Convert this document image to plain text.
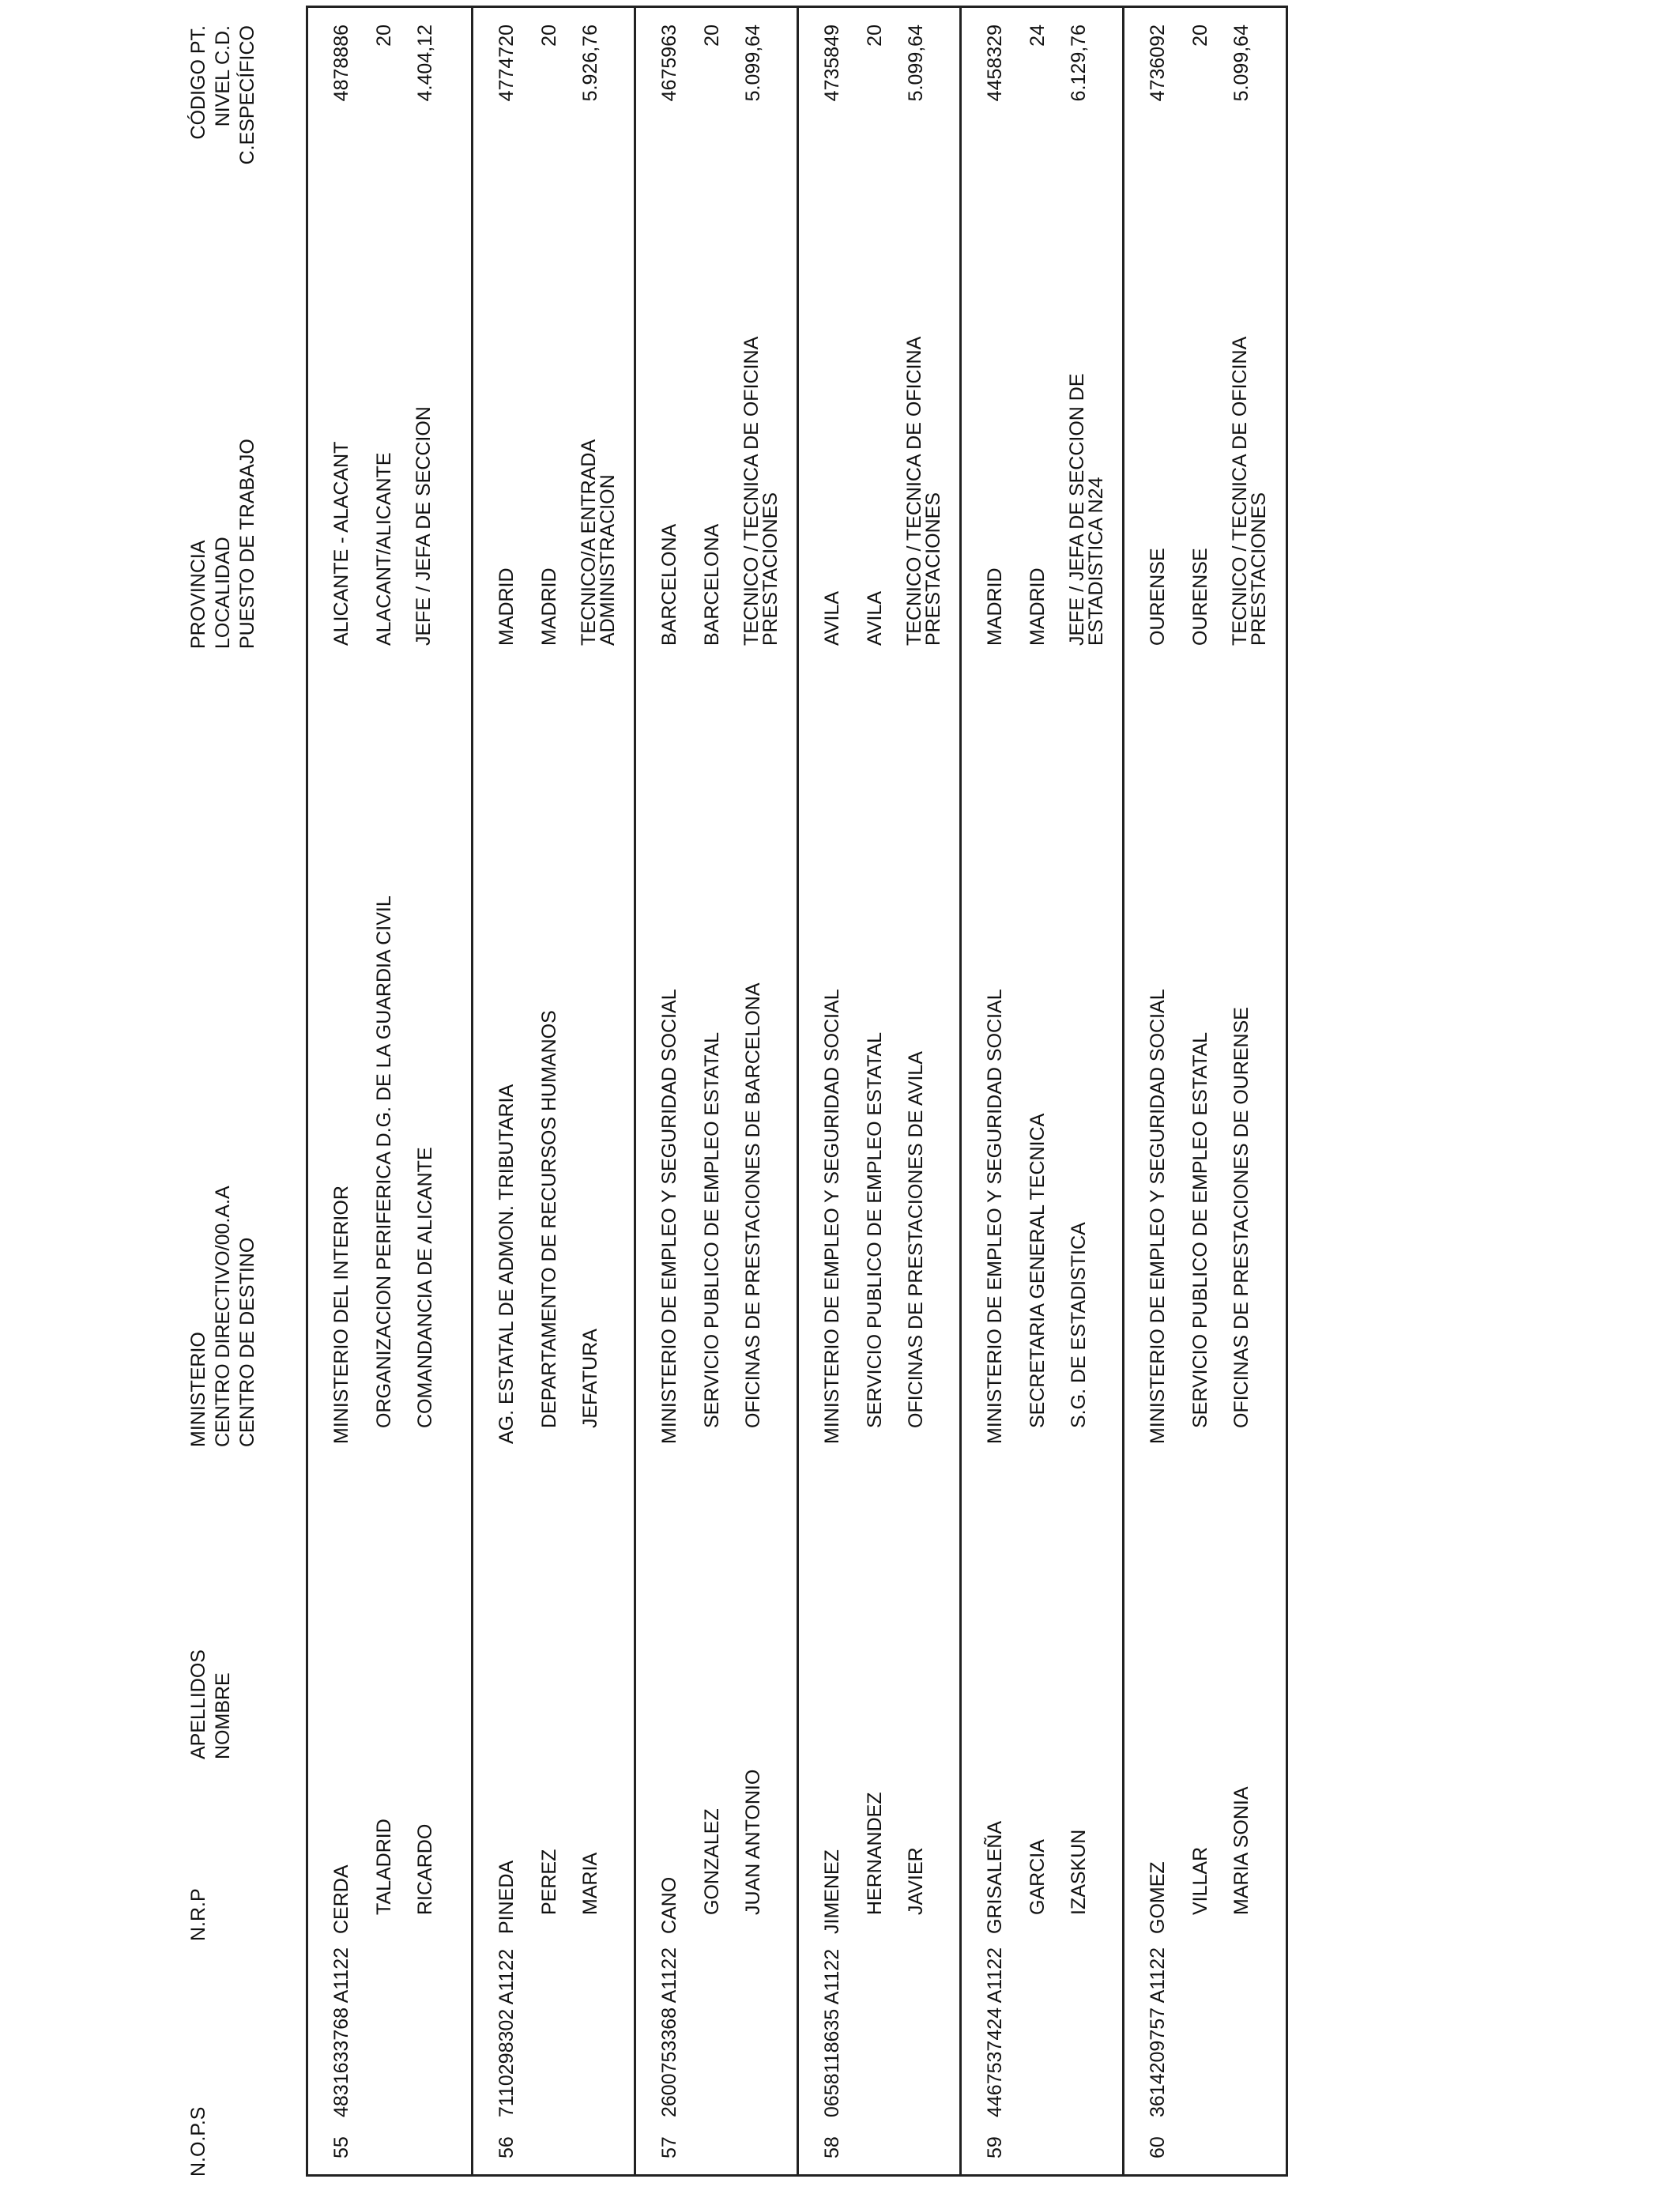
N.O.P.S
N.R.P
APELLIDOS
NOMBRE
MINISTERIO
CENTRO DIRECTIVO/00.A.A
CENTRO DE DESTINO
PROVINCIA
LOCALIDAD
PUESTO DE TRABAJO
CÓDIGO PT.
NIVEL C.D.
C.ESPECÍFICO
55
4831633768 A1122
CERDA TALADRID RICARDO
MINISTERIO DEL INTERIOR ORGANIZACION PERIFERICA D.G. DE LA GUARDIA CIVIL COMANDANCIA DE ALICANTE
ALICANTE - ALACANT ALACANT/ALICANTE JEFE / JEFA DE SECCION
4878886 20 4.404,12
56
7110298302 A1122
PINEDA PEREZ MARIA
AG. ESTATAL DE ADMON. TRIBUTARIA DEPARTAMENTO DE RECURSOS HUMANOS JEFATURA
MADRID MADRID TECNICO/A ENTRADA ADMINISTRACION
4774720 20 5.926,76
57
2600753368 A1122
CANO GONZALEZ JUAN ANTONIO
MINISTERIO DE EMPLEO Y SEGURIDAD SOCIAL SERVICIO PUBLICO DE EMPLEO ESTATAL OFICINAS DE PRESTACIONES DE BARCELONA
BARCELONA BARCELONA TECNICO / TECNICA DE OFICINA PRESTACIONES
4675963 20 5.099,64
58
0658118635 A1122
JIMENEZ HERNANDEZ JAVIER
MINISTERIO DE EMPLEO Y SEGURIDAD SOCIAL SERVICIO PUBLICO DE EMPLEO ESTATAL OFICINAS DE PRESTACIONES DE AVILA
AVILA AVILA TECNICO / TECNICA DE OFICINA PRESTACIONES
4735849 20 5.099,64
59
4467537424 A1122
GRISALEÑA GARCIA IZASKUN
MINISTERIO DE EMPLEO Y SEGURIDAD SOCIAL SECRETARIA GENERAL TECNICA S.G. DE ESTADISTICA
MADRID MADRID JEFE / JEFA DE SECCION DE ESTADISTICA N24
4458329 24 6.129,76
60
3614209757 A1122
GOMEZ VILLAR MARIA SONIA
MINISTERIO DE EMPLEO Y SEGURIDAD SOCIAL SERVICIO PUBLICO DE EMPLEO ESTATAL OFICINAS DE PRESTACIONES DE OURENSE
OURENSE OURENSE TECNICO / TECNICA DE OFICINA PRESTACIONES
4736092 20 5.099,64
